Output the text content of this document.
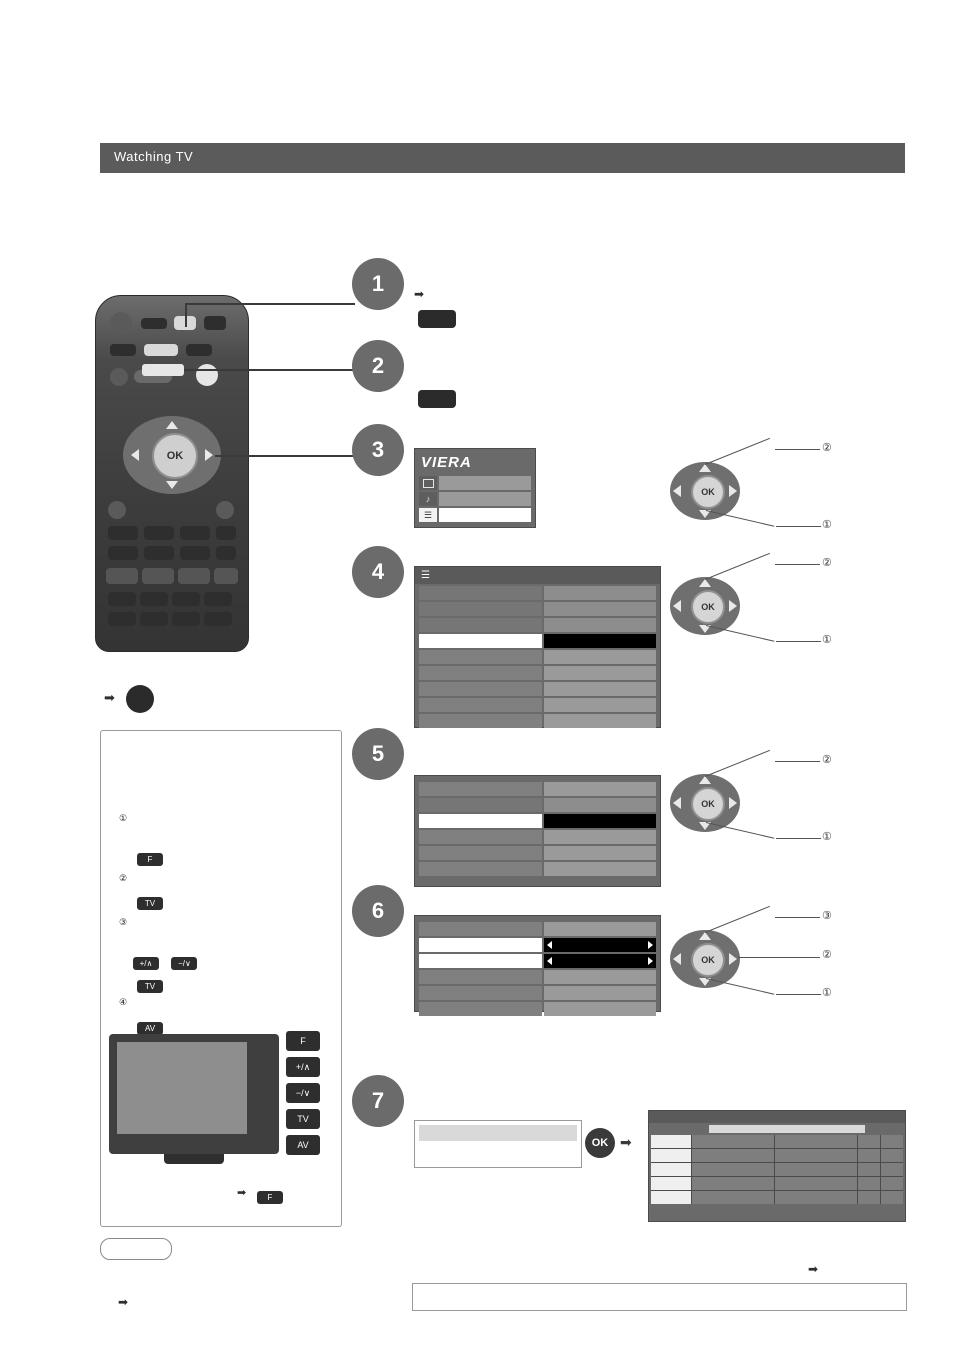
Watching TV
OK
1
2
3
4
5
6
7
➡
VIERA
♪
☰
OK
②
①
☰
OK
②
①
OK
②
①
OK
③
②
①
OK ➡
➡
①
F
②
TV
③
+/∧	−/∨
TV
④
AV
F
+/∧
−/∨
TV
AV
➡	F
➡
➡
